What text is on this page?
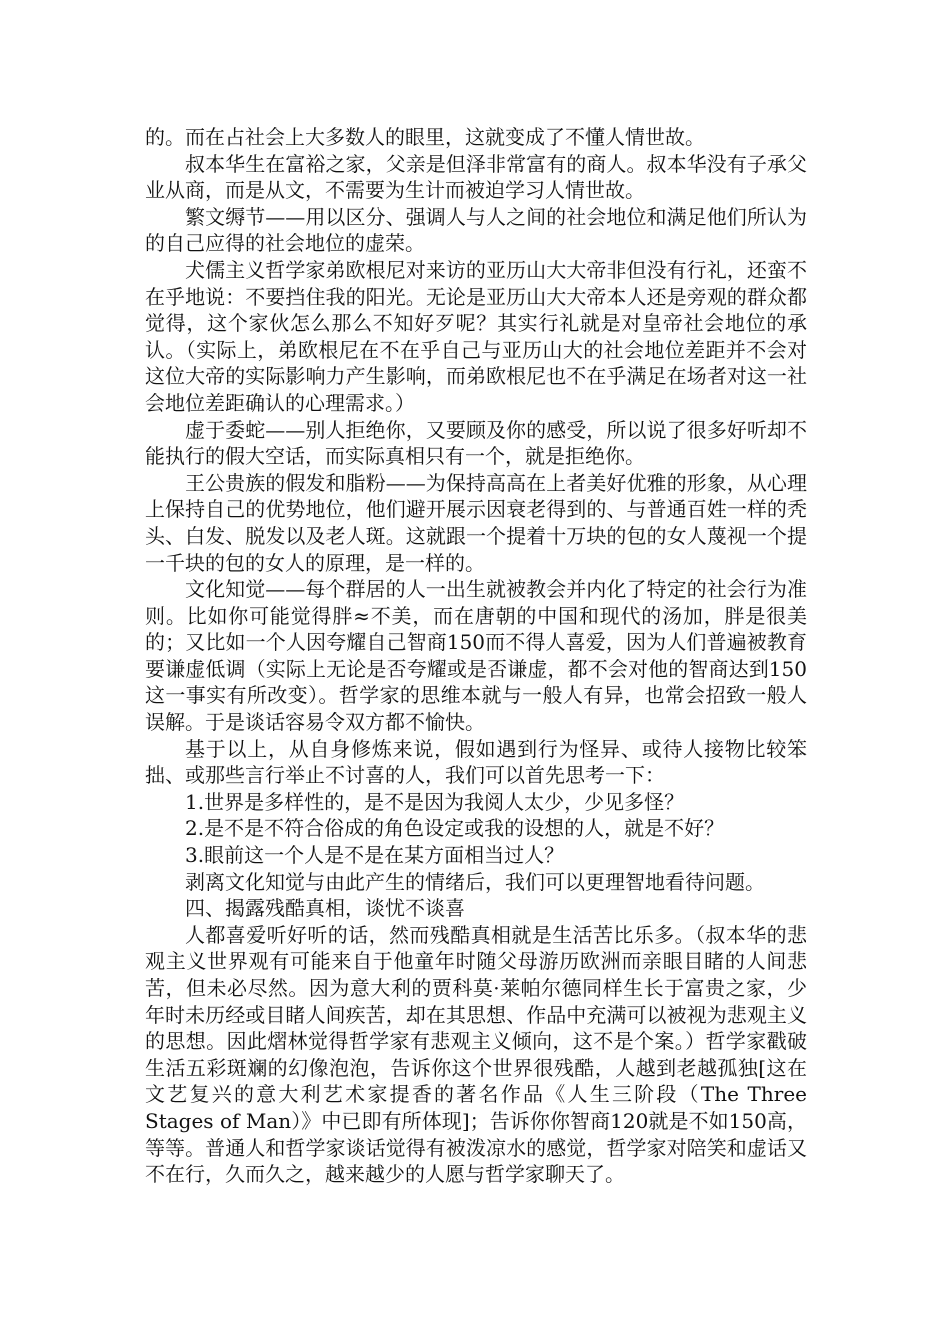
的。而在占社会上大多数人的眼里，这就变成了不懂人情世故。

叔本华生在富裕之家，父亲是但泽非常富有的商人。叔本华没有子承父业从商，而是从文，不需要为生计而被迫学习人情世故。

繁文缛节——用以区分、强调人与人之间的社会地位和满足他们所认为的自己应得的社会地位的虚荣。

犬儒主义哲学家弟欧根尼对来访的亚历山大大帝非但没有行礼，还蛮不在乎地说：不要挡住我的阳光。无论是亚历山大大帝本人还是旁观的群众都觉得，这个家伙怎么那么不知好歹呢？其实行礼就是对皇帝社会地位的承认。（实际上，弟欧根尼在不在乎自己与亚历山大的社会地位差距并不会对这位大帝的实际影响力产生影响，而弟欧根尼也不在乎满足在场者对这一社会地位差距确认的心理需求。）

虚于委蛇——别人拒绝你，又要顾及你的感受，所以说了很多好听却不能执行的假大空话，而实际真相只有一个，就是拒绝你。

王公贵族的假发和脂粉——为保持高高在上者美好优雅的形象，从心理上保持自己的优势地位，他们避开展示因衰老得到的、与普通百姓一样的秃头、白发、脱发以及老人斑。这就跟一个提着十万块的包的女人蔑视一个提一千块的包的女人的原理，是一样的。

文化知觉——每个群居的人一出生就被教会并内化了特定的社会行为准则。比如你可能觉得胖≈不美，而在唐朝的中国和现代的汤加，胖是很美的；又比如一个人因夸耀自己智商150而不得人喜爱，因为人们普遍被教育要谦虚低调（实际上无论是否夸耀或是否谦虚，都不会对他的智商达到150这一事实有所改变）。哲学家的思维本就与一般人有异，也常会招致一般人误解。于是谈话容易令双方都不愉快。

基于以上，从自身修炼来说，假如遇到行为怪异、或待人接物比较笨拙、或那些言行举止不讨喜的人，我们可以首先思考一下：

1.世界是多样性的，是不是因为我阅人太少，少见多怪？

2.是不是不符合俗成的角色设定或我的设想的人，就是不好？

3.眼前这一个人是不是在某方面相当过人？

剥离文化知觉与由此产生的情绪后，我们可以更理智地看待问题。

四、揭露残酷真相，谈忧不谈喜

人都喜爱听好听的话，然而残酷真相就是生活苦比乐多。（叔本华的悲观主义世界观有可能来自于他童年时随父母游历欧洲而亲眼目睹的人间悲苦，但未必尽然。因为意大利的贾科莫·莱帕尔德同样生长于富贵之家，少年时未历经或目睹人间疾苦，却在其思想、作品中充满可以被视为悲观主义的思想。因此熠林觉得哲学家有悲观主义倾向，这不是个案。）哲学家戳破生活五彩斑斓的幻像泡泡，告诉你这个世界很残酷，人越到老越孤独[这在文艺复兴的意大利艺术家提香的著名作品《人生三阶段（The Three Stages of Man）》中已即有所体现]；告诉你你智商120就是不如150高，等等。普通人和哲学家谈话觉得有被泼凉水的感觉，哲学家对陪笑和虚话又不在行，久而久之，越来越少的人愿与哲学家聊天了。
